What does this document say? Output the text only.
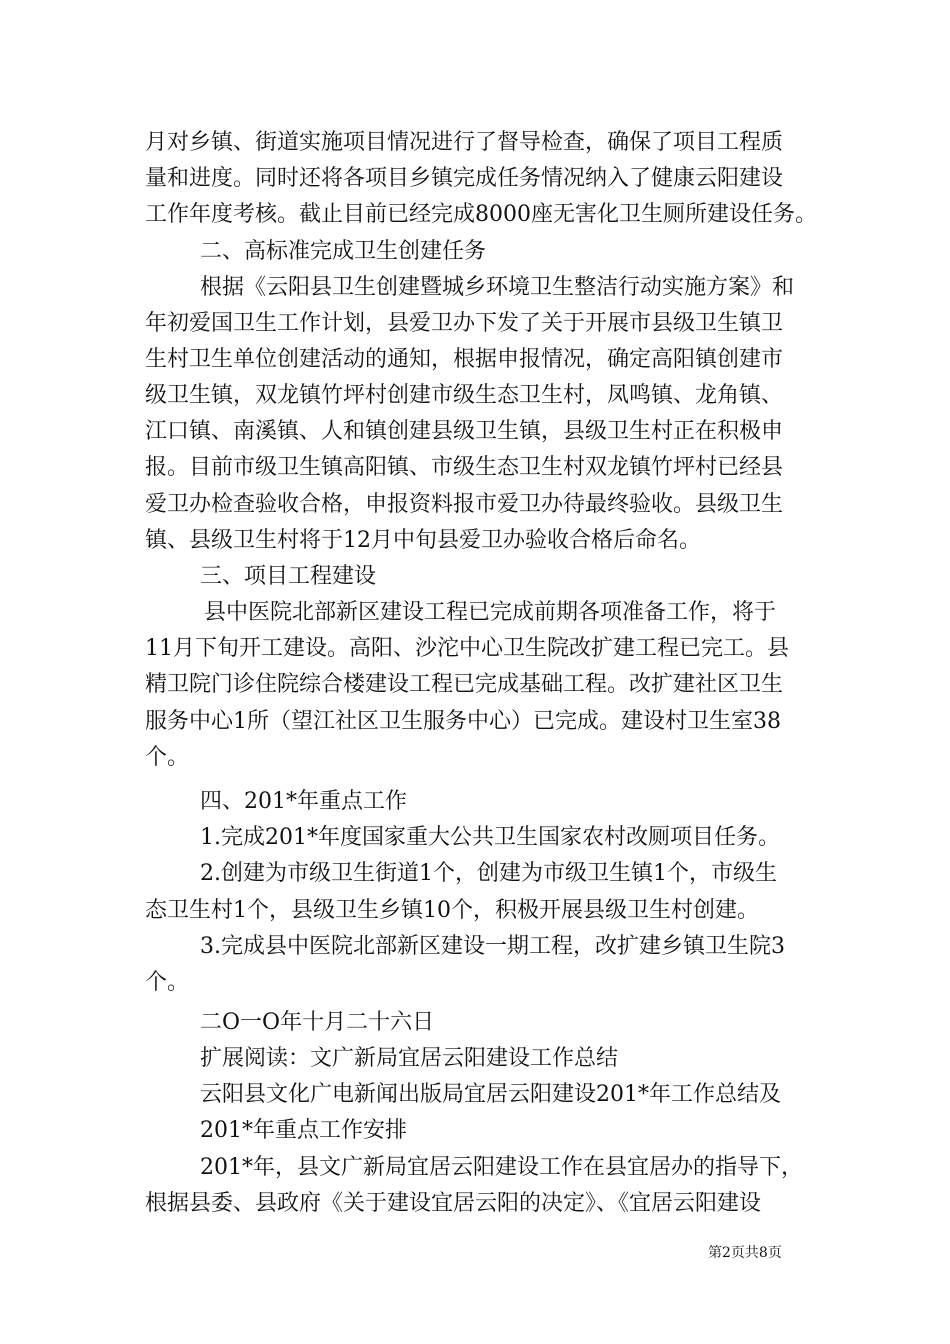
月对乡镇、街道实施项目情况进行了督导检查，确保了项目工程质
量和进度。同时还将各项目乡镇完成任务情况纳入了健康云阳建设
工作年度考核。截止目前已经完成8000座无害化卫生厕所建设任务。
二、高标准完成卫生创建任务
根据《云阳县卫生创建暨城乡环境卫生整洁行动实施方案》和
年初爱国卫生工作计划，县爱卫办下发了关于开展市县级卫生镇卫
生村卫生单位创建活动的通知，根据申报情况，确定高阳镇创建市
级卫生镇，双龙镇竹坪村创建市级生态卫生村，凤鸣镇、龙角镇、
江口镇、南溪镇、人和镇创建县级卫生镇，县级卫生村正在积极申
报。目前市级卫生镇高阳镇、市级生态卫生村双龙镇竹坪村已经县
爱卫办检查验收合格，申报资料报市爱卫办待最终验收。县级卫生
镇、县级卫生村将于12月中旬县爱卫办验收合格后命名。
三、项目工程建设
县中医院北部新区建设工程已完成前期各项准备工作，将于
11月下旬开工建设。高阳、沙沱中心卫生院改扩建工程已完工。县
精卫院门诊住院综合楼建设工程已完成基础工程。改扩建社区卫生
服务中心1所（望江社区卫生服务中心）已完成。建设村卫生室38
个。
四、201*年重点工作
1.完成201*年度国家重大公共卫生国家农村改厕项目任务。
2.创建为市级卫生街道1个，创建为市级卫生镇1个，市级生
态卫生村1个，县级卫生乡镇10个，积极开展县级卫生村创建。
3.完成县中医院北部新区建设一期工程，改扩建乡镇卫生院3
个。
二O一O年十月二十六日
扩展阅读：文广新局宜居云阳建设工作总结
云阳县文化广电新闻出版局宜居云阳建设201*年工作总结及
201*年重点工作安排
201*年，县文广新局宜居云阳建设工作在县宜居办的指导下，
根据县委、县政府《关于建设宜居云阳的决定》、《宜居云阳建设
第2页共8页
